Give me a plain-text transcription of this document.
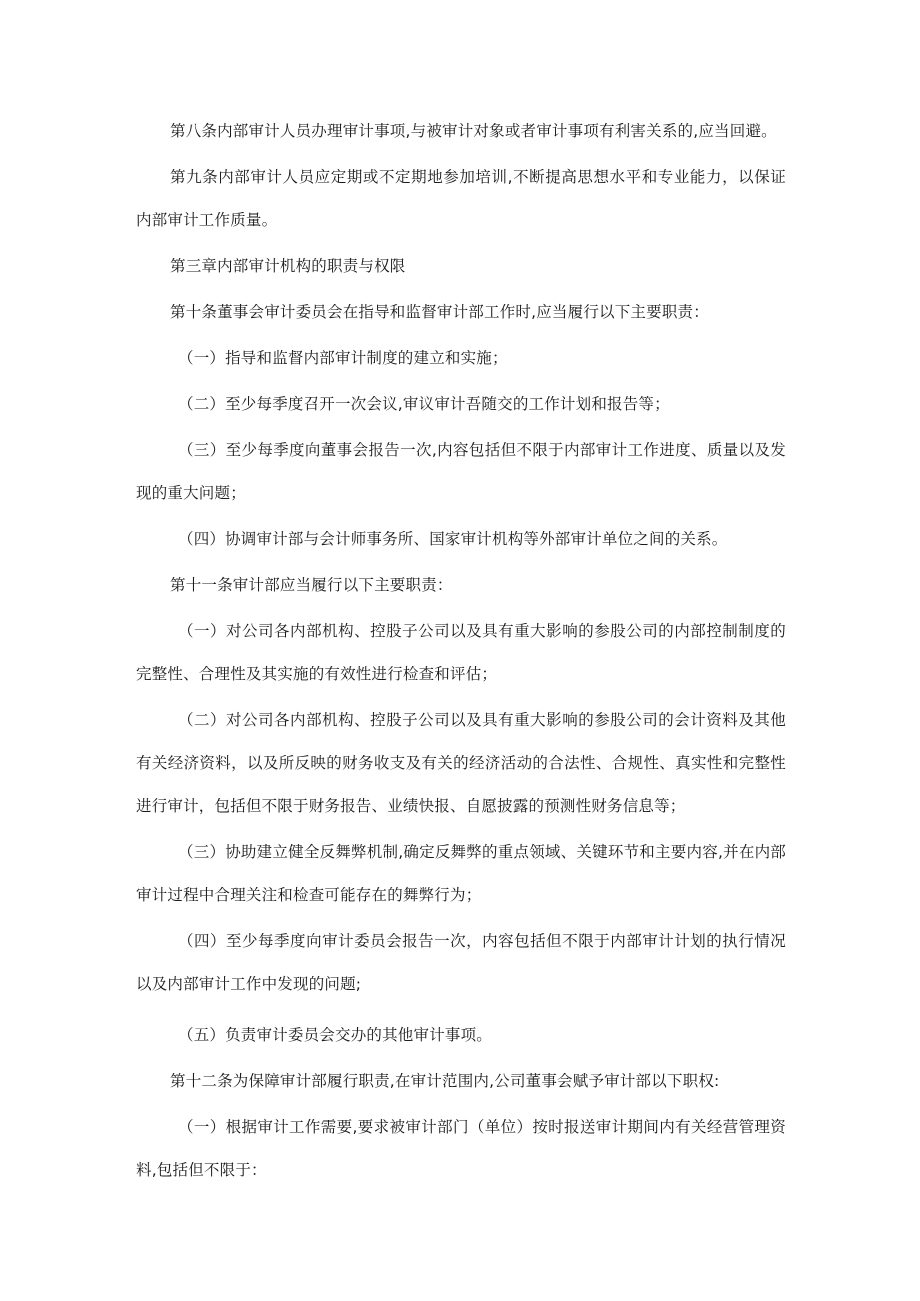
第八条内部审计人员办理审计事项,与被审计对象或者审计事项有利害关系的,应当回避。

第九条内部审计人员应定期或不定期地参加培训,不断提高思想水平和专业能力，以保证内部审计工作质量。

第三章内部审计机构的职责与权限

第十条董事会审计委员会在指导和监督审计部工作时,应当履行以下主要职责：

（一）指导和监督内部审计制度的建立和实施；

（二）至少每季度召开一次会议,审议审计吾随交的工作计划和报告等；

（三）至少每季度向董事会报告一次,内容包括但不限于内部审计工作进度、质量以及发现的重大问题；

（四）协调审计部与会计师事务所、国家审计机构等外部审计单位之间的关系。

第十一条审计部应当履行以下主要职责：

（一）对公司各内部机构、控股子公司以及具有重大影响的参股公司的内部控制制度的完整性、合理性及其实施的有效性进行检查和评估；

（二）对公司各内部机构、控股子公司以及具有重大影响的参股公司的会计资料及其他有关经济资料，以及所反映的财务收支及有关的经济活动的合法性、合规性、真实性和完整性进行审计，包括但不限于财务报告、业绩快报、自愿披露的预测性财务信息等；

（三）协助建立健全反舞弊机制,确定反舞弊的重点领域、关键环节和主要内容,并在内部审计过程中合理关注和检查可能存在的舞弊行为；

（四）至少每季度向审计委员会报告一次，内容包括但不限于内部审计计划的执行情况以及内部审计工作中发现的问题;

（五）负责审计委员会交办的其他审计事项。

第十二条为保障审计部履行职责,在审计范围内,公司董事会赋予审计部以下职权:

（一）根据审计工作需要,要求被审计部门（单位）按时报送审计期间内有关经营管理资料,包括但不限于：
